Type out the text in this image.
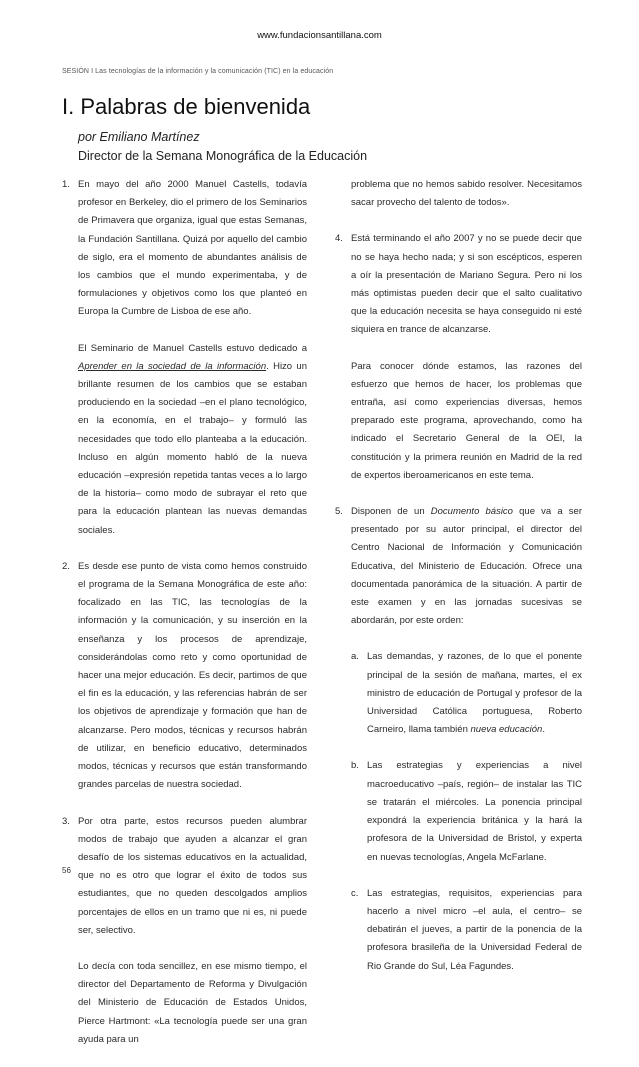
www.fundacionsantillana.com
SESIÓN I Las tecnologías de la información y la comunicación (TIC) en la educación
I. Palabras de bienvenida
por Emiliano Martínez
Director de la Semana Monográfica de la Educación
1. En mayo del año 2000 Manuel Castells, todavía profesor en Berkeley, dio el primero de los Seminarios de Primavera que organiza, igual que estas Semanas, la Fundación Santillana. Quizá por aquello del cambio de siglo, era el momento de abundantes análisis de los cambios que el mundo experimentaba, y de formulaciones y objetivos como los que planteó en Europa la Cumbre de Lisboa de ese año.

El Seminario de Manuel Castells estuvo dedicado a Aprender en la sociedad de la información. Hizo un brillante resumen de los cambios que se estaban produciendo en la sociedad –en el plano tecnológico, en la economía, en el trabajo– y formuló las necesidades que todo ello planteaba a la educación. Incluso en algún momento habló de la nueva educación –expresión repetida tantas veces a lo largo de la historia– como modo de subrayar el reto que para la educación plantean las nuevas demandas sociales.

2. Es desde ese punto de vista como hemos construido el programa de la Semana Monográfica de este año: focalizado en las TIC, las tecnologías de la información y la comunicación, y su inserción en la enseñanza y los procesos de aprendizaje, considerándolas como reto y como oportunidad de hacer una mejor educación. Es decir, partimos de que el fin es la educación, y las referencias habrán de ser los objetivos de aprendizaje y formación que han de alcanzarse. Pero modos, técnicas y recursos habrán de utilizar, en beneficio educativo, determinados modos, técnicas y recursos que están transformando grandes parcelas de nuestra sociedad.

3. Por otra parte, estos recursos pueden alumbrar modos de trabajo que ayuden a alcanzar el gran desafío de los sistemas educativos en la actualidad, que no es otro que lograr el éxito de todos sus estudiantes, que no queden descolgados amplios porcentajes de ellos en un tramo que ni es, ni puede ser, selectivo.

Lo decía con toda sencillez, en ese mismo tiempo, el director del Departamento de Reforma y Divulgación del Ministerio de Educación de Estados Unidos, Pierce Hartmont: «La tecnología puede ser una gran ayuda para un

problema que no hemos sabido resolver. Necesitamos sacar provecho del talento de todos».

4. Está terminando el año 2007 y no se puede decir que no se haya hecho nada; y si son escépticos, esperen a oír la presentación de Mariano Segura. Pero ni los más optimistas pueden decir que el salto cualitativo que la educación necesita se haya conseguido ni esté siquiera en trance de alcanzarse.

Para conocer dónde estamos, las razones del esfuerzo que hemos de hacer, los problemas que entraña, así como experiencias diversas, hemos preparado este programa, aprovechando, como ha indicado el Secretario General de la OEI, la constitución y la primera reunión en Madrid de la red de expertos iberoamericanos en este tema.

5. Disponen de un Documento básico que va a ser presentado por su autor principal, el director del Centro Nacional de Información y Comunicación Educativa, del Ministerio de Educación. Ofrece una documentada panorámica de la situación. A partir de este examen y en las jornadas sucesivas se abordarán, por este orden:

a. Las demandas, y razones, de lo que el ponente principal de la sesión de mañana, martes, el ex ministro de educación de Portugal y profesor de la Universidad Católica portuguesa, Roberto Carneiro, llama también nueva educación.

b. Las estrategias y experiencias a nivel macroeducativo –país, región– de instalar las TIC se tratarán el miércoles. La ponencia principal expondrá la experiencia británica y la hará la profesora de la Universidad de Bristol, y experta en nuevas tecnologías, Angela McFarlane.

c. Las estrategias, requisitos, experiencias para hacerlo a nivel micro –el aula, el centro– se debatirán el jueves, a partir de la ponencia de la profesora brasileña de la Universidad Federal de Rio Grande do Sul, Léa Fagundes.

56
